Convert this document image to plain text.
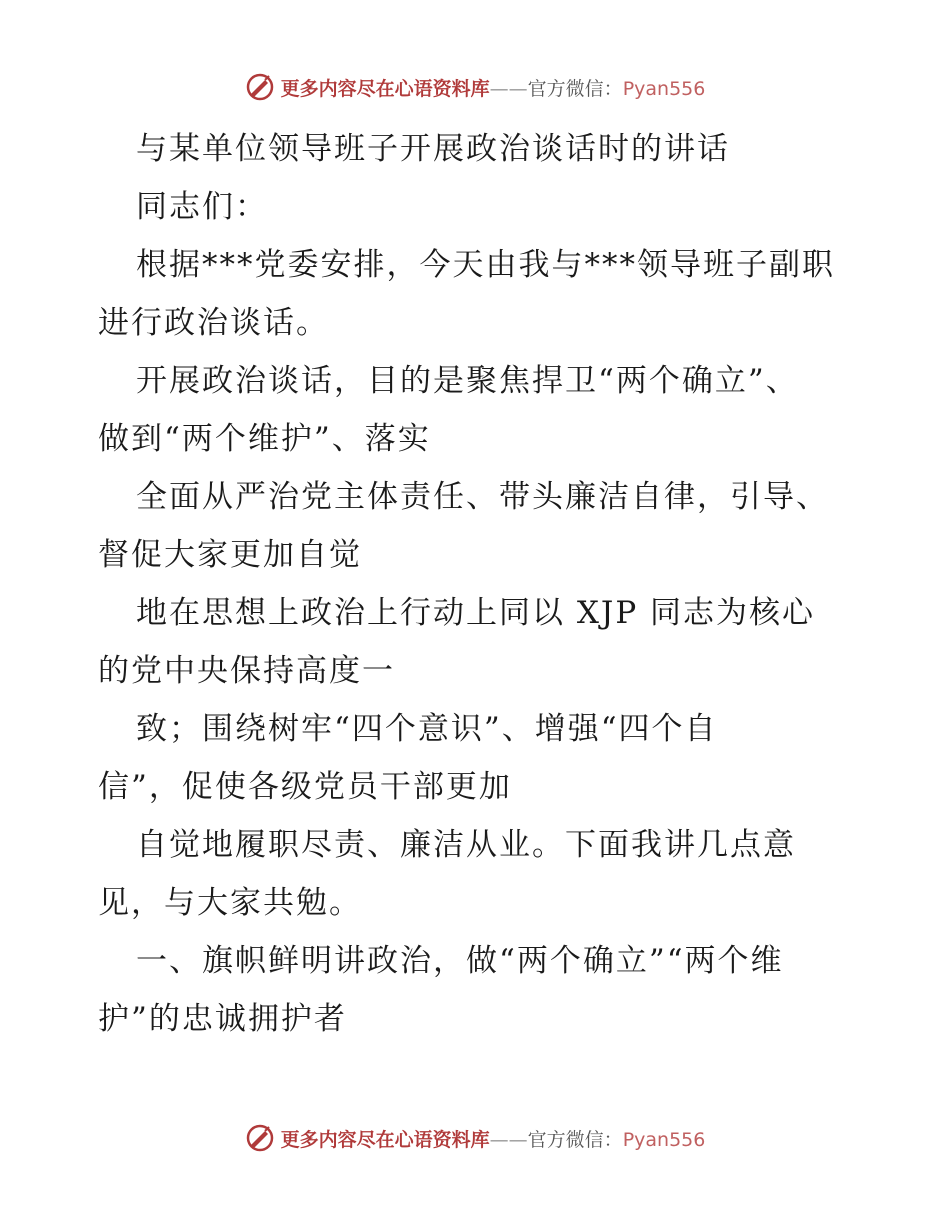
更多内容尽在心语资料库——官方微信：Pyan556
与某单位领导班子开展政治谈话时的讲话
同志们：
根据***党委安排，今天由我与***领导班子副职
进行政治谈话。
开展政治谈话，目的是聚焦捍卫“两个确立”、
做到“两个维护”、落实
全面从严治党主体责任、带头廉洁自律，引导、
督促大家更加自觉
地在思想上政治上行动上同以 XJP 同志为核心
的党中央保持高度一
致；围绕树牢“四个意识”、增强“四个自
信”，促使各级党员干部更加
自觉地履职尽责、廉洁从业。下面我讲几点意
见，与大家共勉。
一、旗帜鲜明讲政治，做“两个确立”“两个维
护”的忠诚拥护者
更多内容尽在心语资料库——官方微信：Pyan556
